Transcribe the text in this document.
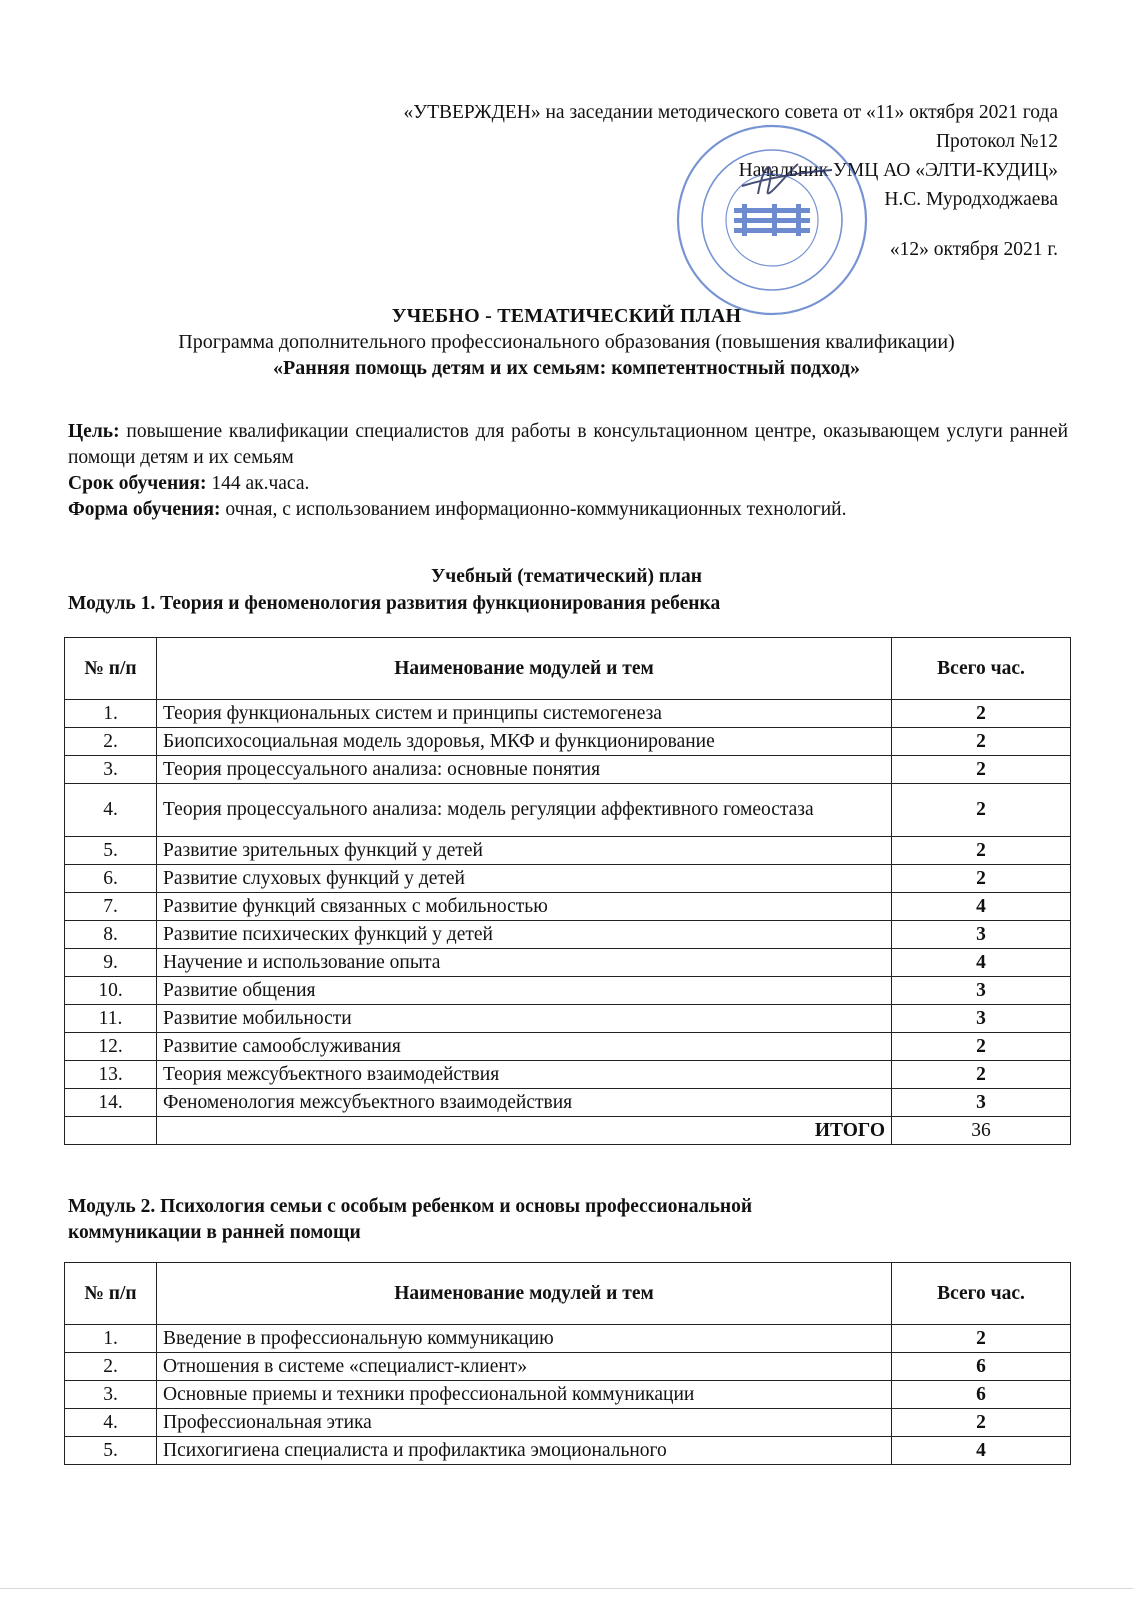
«УТВЕРЖДЕН» на заседании методического совета от «11» октября 2021 года
Протокол №12
Начальник УМЦ АО «ЭЛТИ-КУДИЦ»
Н.С. Муродходжаева
«12» октября 2021 г.
УЧЕБНО - ТЕМАТИЧЕСКИЙ ПЛАН
Программа дополнительного профессионального образования (повышения квалификации)
«Ранняя помощь детям и их семьям: компетентностный подход»

Цель: повышение квалификации специалистов для работы в консультационном центре, оказывающем услуги ранней помощи детям и их семьям

Срок обучения: 144 ак.часа.

Форма обучения: очная, с использованием информационно-коммуникационных технологий.

Учебный (тематический) план
Модуль 1. Теория и феноменология развития функционирования ребенка
№ п/п	Наименование модулей и тем	Всего час.
1.	Теория функциональных систем и принципы системогенеза	2
2.	Биопсихосоциальная модель здоровья, МКФ и функционирование	2
3.	Теория процессуального анализа: основные понятия	2
4.	Теория процессуального анализа: модель регуляции аффективного гомеостаза	2
5.	Развитие зрительных функций у детей	2
6.	Развитие слуховых функций у детей	2
7.	Развитие функций связанных с мобильностью	4
8.	Развитие психических функций у детей	3
9.	Научение и использование опыта	4
10.	Развитие общения	3
11.	Развитие мобильности	3
12.	Развитие самообслуживания	2
13.	Теория межсубъектного взаимодействия	2
14.	Феноменология межсубъектного взаимодействия	3
	ИТОГО	36
Модуль 2. Психология семьи с особым ребенком и основы профессиональной
коммуникации в ранней помощи
№ п/п	Наименование модулей и тем	Всего час.
1.	Введение в профессиональную коммуникацию	2
2.	Отношения в системе «специалист-клиент»	6
3.	Основные приемы и техники профессиональной коммуникации	6
4.	Профессиональная этика	2
5.	Психогигиена специалиста и профилактика эмоционального	4
